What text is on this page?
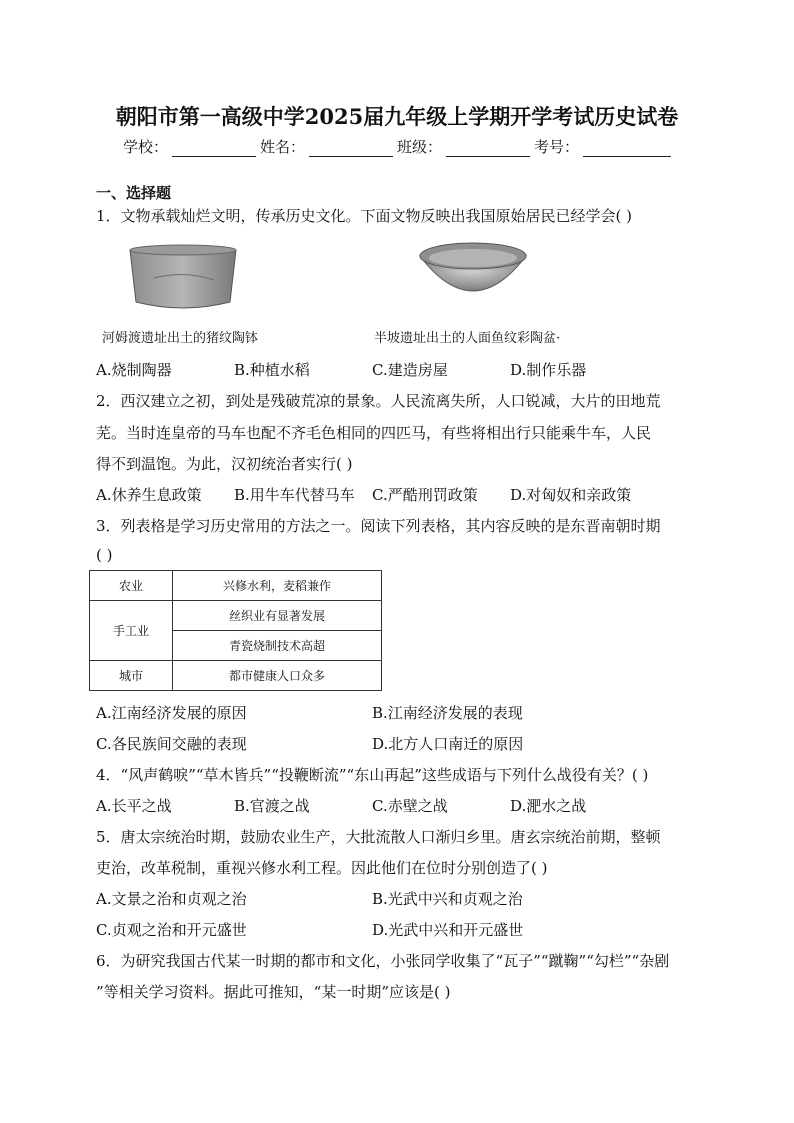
朝阳市第一高级中学2025届九年级上学期开学考试历史试卷
学校：	姓名：	班级：	考号：
一、选择题
1．文物承载灿烂文明，传承历史文化。下面文物反映出我国原始居民已经学会( )
河姆渡遗址出土的猪纹陶钵	半坡遗址出土的人面鱼纹彩陶盆·
A.烧制陶器	B.种植水稻	C.建造房屋	D.制作乐器
2．西汉建立之初，到处是残破荒凉的景象。人民流离失所，人口锐减，大片的田地荒
芜。当时连皇帝的马车也配不齐毛色相同的四匹马，有些将相出行只能乘牛车，人民
得不到温饱。为此，汉初统治者实行( )
A.休养生息政策 B.用牛车代替马车 C.严酷刑罚政策 D.对匈奴和亲政策
3．列表格是学习历史常用的方法之一。阅读下列表格，其内容反映的是东晋南朝时期
( )
农业	兴修水利，麦稻兼作
手工业	丝织业有显著发展
	青瓷烧制技术高超
城市	都市健康人口众多
A.江南经济发展的原因	B.江南经济发展的表现
C.各民族间交融的表现	D.北方人口南迁的原因
4．“风声鹤唳”“草木皆兵”“投鞭断流”“东山再起”这些成语与下列什么战役有关？( )
A.长平之战	B.官渡之战	C.赤壁之战	D.淝水之战
5．唐太宗统治时期，鼓励农业生产，大批流散人口渐归乡里。唐玄宗统治前期，整顿
吏治，改革税制，重视兴修水利工程。因此他们在位时分别创造了( )
A.文景之治和贞观之治	B.光武中兴和贞观之治
C.贞观之治和开元盛世	D.光武中兴和开元盛世
6．为研究我国古代某一时期的都市和文化，小张同学收集了“瓦子”“蹴鞠”“勾栏”“杂剧
”等相关学习资料。据此可推知，“某一时期”应该是( )
